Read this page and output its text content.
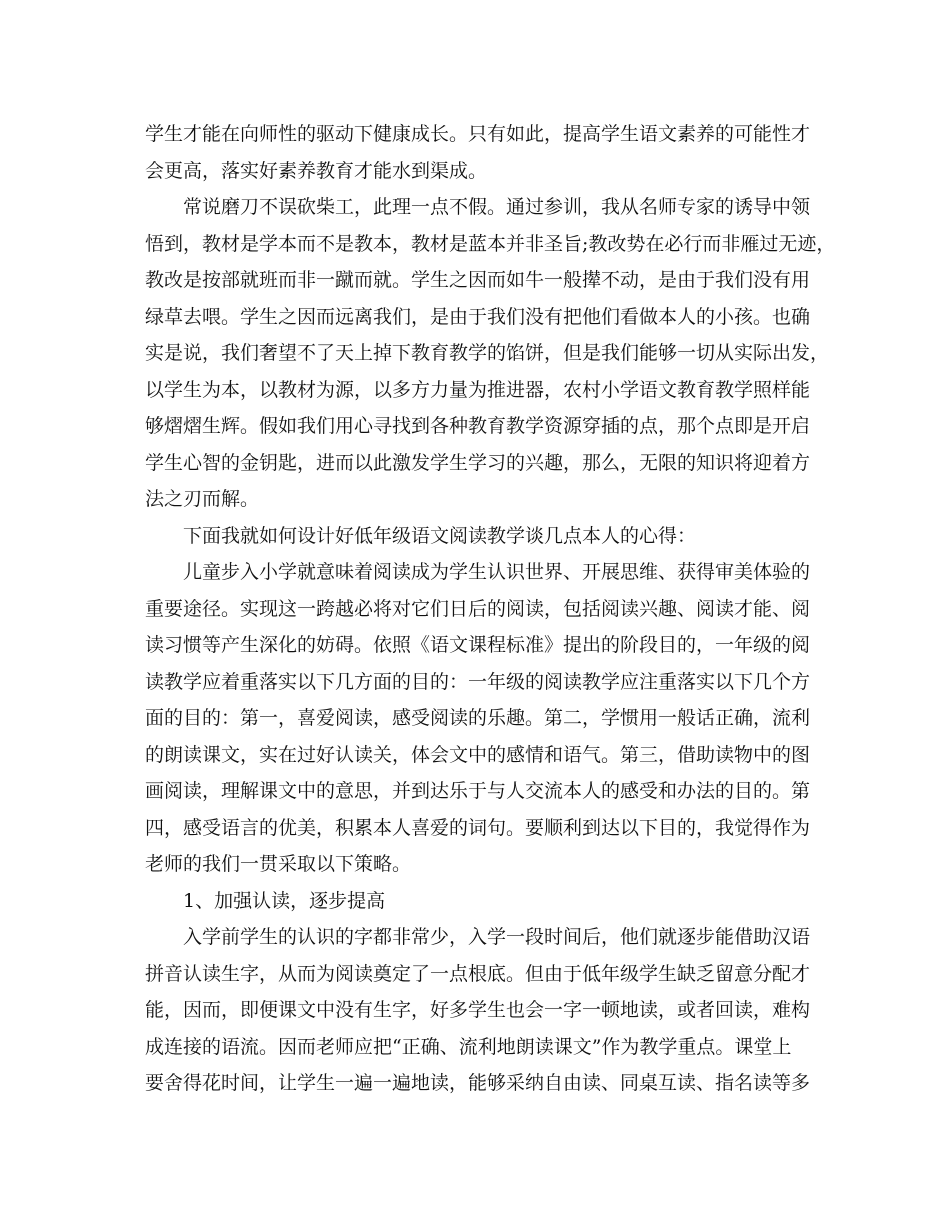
学生才能在向师性的驱动下健康成长。只有如此，提高学生语文素养的可能性才
会更高，落实好素养教育才能水到渠成。
常说磨刀不误砍柴工，此理一点不假。通过参训，我从名师专家的诱导中领
悟到，教材是学本而不是教本，教材是蓝本并非圣旨;教改势在必行而非雁过无迹，
教改是按部就班而非一蹴而就。学生之因而如牛一般撵不动，是由于我们没有用
绿草去喂。学生之因而远离我们，是由于我们没有把他们看做本人的小孩。也确
实是说，我们奢望不了天上掉下教育教学的馅饼，但是我们能够一切从实际出发，
以学生为本，以教材为源，以多方力量为推进器，农村小学语文教育教学照样能
够熠熠生辉。假如我们用心寻找到各种教育教学资源穿插的点，那个点即是开启
学生心智的金钥匙，进而以此激发学生学习的兴趣，那么，无限的知识将迎着方
法之刃而解。
下面我就如何设计好低年级语文阅读教学谈几点本人的心得：
儿童步入小学就意味着阅读成为学生认识世界、开展思维、获得审美体验的
重要途径。实现这一跨越必将对它们日后的阅读，包括阅读兴趣、阅读才能、阅
读习惯等产生深化的妨碍。依照《语文课程标准》提出的阶段目的，一年级的阅
读教学应着重落实以下几方面的目的：一年级的阅读教学应注重落实以下几个方
面的目的：第一，喜爱阅读，感受阅读的乐趣。第二，学惯用一般话正确，流利
的朗读课文，实在过好认读关，体会文中的感情和语气。第三，借助读物中的图
画阅读，理解课文中的意思，并到达乐于与人交流本人的感受和办法的目的。第
四，感受语言的优美，积累本人喜爱的词句。要顺利到达以下目的，我觉得作为
老师的我们一贯采取以下策略。
1、加强认读，逐步提高
入学前学生的认识的字都非常少，入学一段时间后，他们就逐步能借助汉语
拼音认读生字，从而为阅读奠定了一点根底。但由于低年级学生缺乏留意分配才
能，因而，即便课文中没有生字，好多学生也会一字一顿地读，或者回读，难构
成连接的语流。因而老师应把“正确、流利地朗读课文”作为教学重点。课堂上
要舍得花时间，让学生一遍一遍地读，能够采纳自由读、同桌互读、指名读等多
